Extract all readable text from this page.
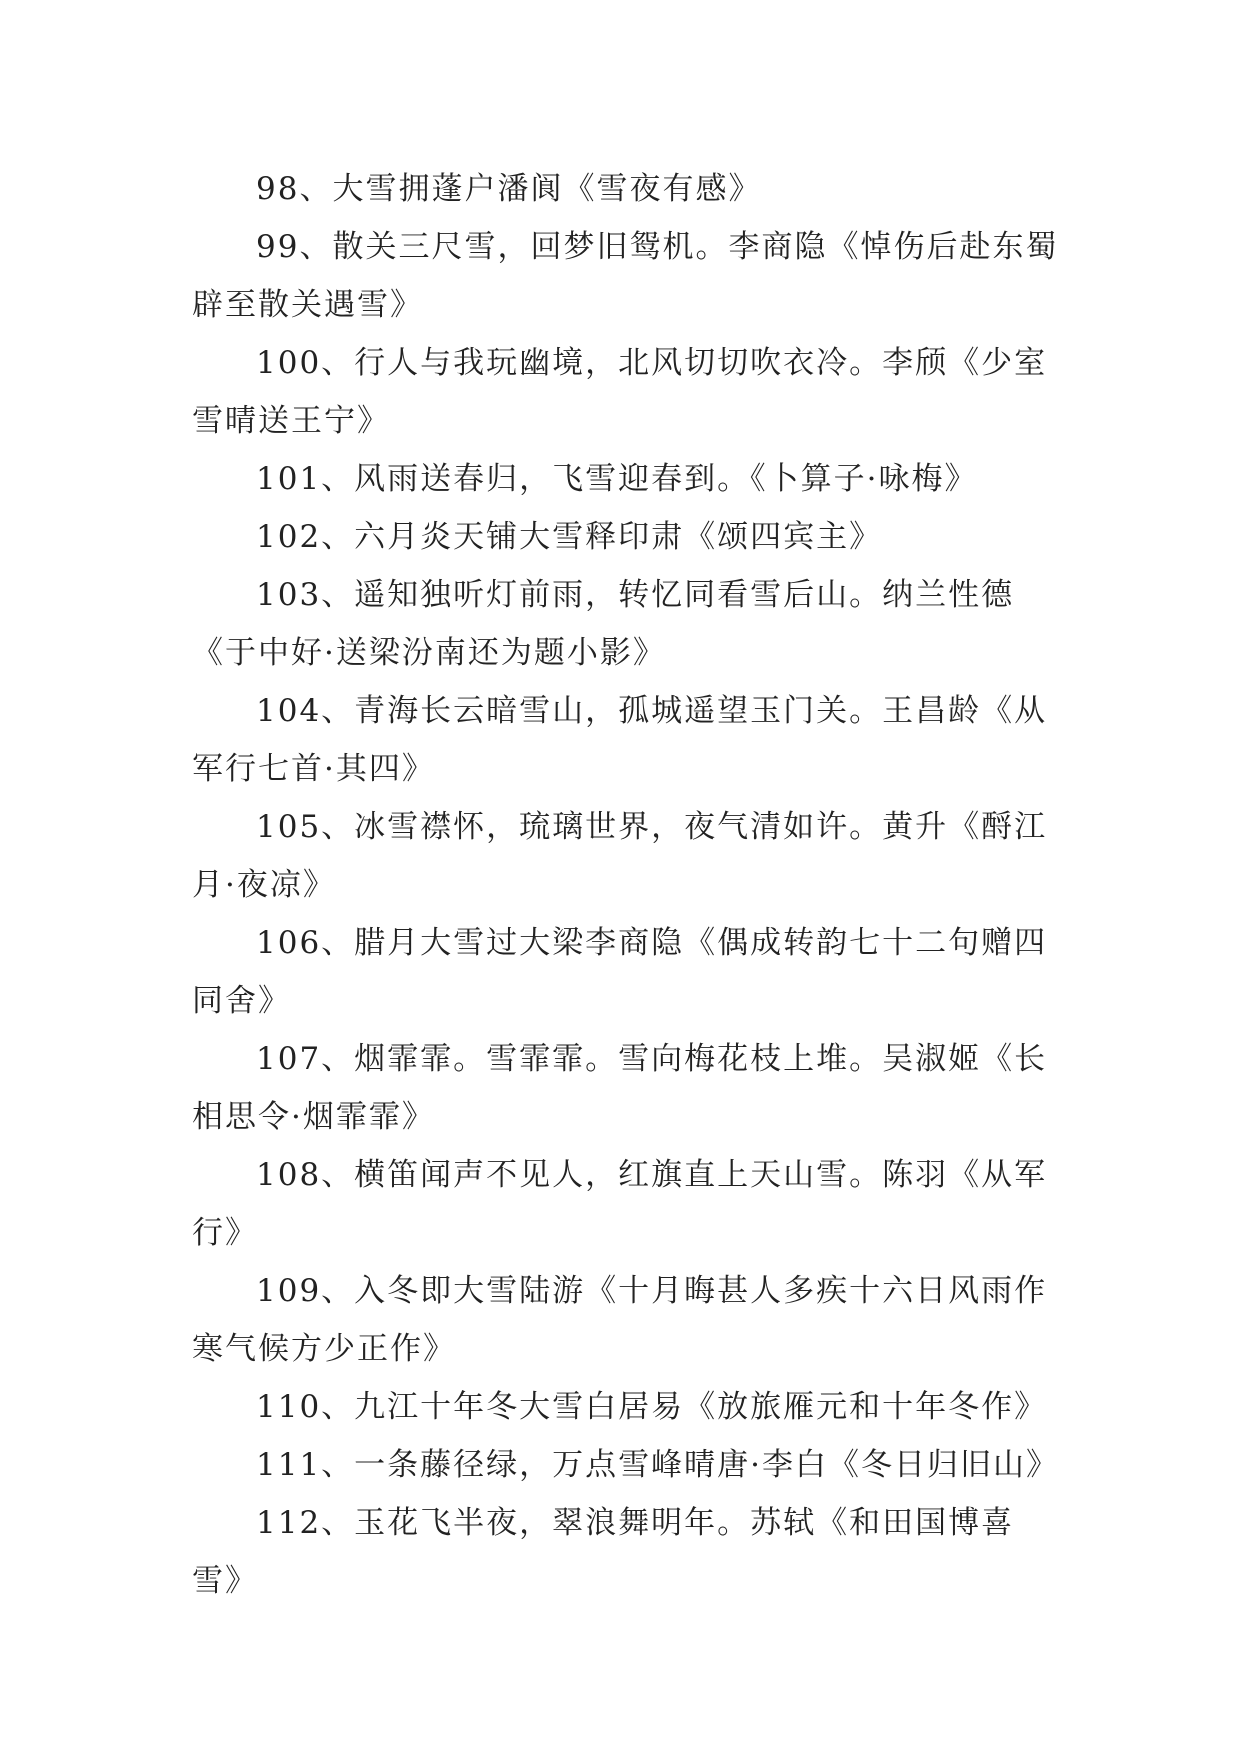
98、大雪拥蓬户潘阆《雪夜有感》

99、散关三尺雪，回梦旧鸳机。李商隐《悼伤后赴东蜀辟至散关遇雪》

100、行人与我玩幽境，北风切切吹衣冷。李颀《少室雪晴送王宁》

101、风雨送春归，飞雪迎春到。《卜算子·咏梅》

102、六月炎天铺大雪释印肃《颂四宾主》

103、遥知独听灯前雨，转忆同看雪后山。纳兰性德《于中好·送梁汾南还为题小影》

104、青海长云暗雪山，孤城遥望玉门关。王昌龄《从军行七首·其四》

105、冰雪襟怀，琉璃世界，夜气清如许。黄升《酹江月·夜凉》

106、腊月大雪过大梁李商隐《偶成转韵七十二句赠四同舍》

107、烟霏霏。雪霏霏。雪向梅花枝上堆。吴淑姬《长相思令·烟霏霏》

108、横笛闻声不见人，红旗直上天山雪。陈羽《从军行》

109、入冬即大雪陆游《十月晦甚人多疾十六日风雨作寒气候方少正作》

110、九江十年冬大雪白居易《放旅雁元和十年冬作》

111、一条藤径绿，万点雪峰晴唐·李白《冬日归旧山》

112、玉花飞半夜，翠浪舞明年。苏轼《和田国博喜雪》
